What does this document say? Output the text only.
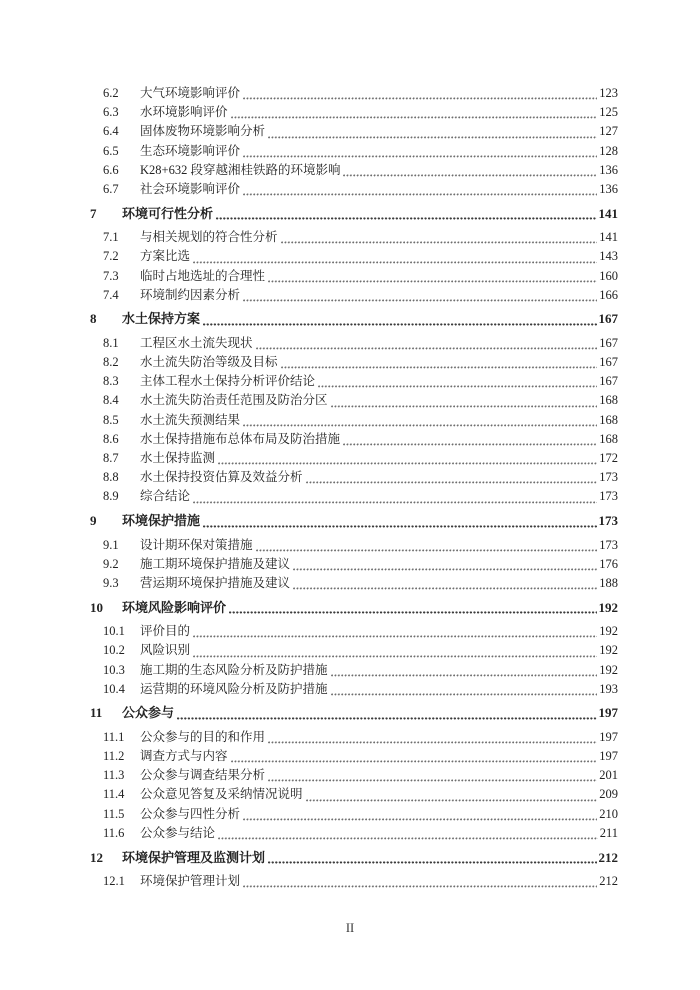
6.2	大气环境影响评价	123
6.3	水环境影响评价	125
6.4	固体废物环境影响分析	127
6.5	生态环境影响评价	128
6.6	K28+632 段穿越湘桂铁路的环境影响	136
6.7	社会环境影响评价	136
7	环境可行性分析	141
7.1	与相关规划的符合性分析	141
7.2	方案比选	143
7.3	临时占地选址的合理性	160
7.4	环境制约因素分析	166
8	水土保持方案	167
8.1	工程区水土流失现状	167
8.2	水土流失防治等级及目标	167
8.3	主体工程水土保持分析评价结论	167
8.4	水土流失防治责任范围及防治分区	168
8.5	水土流失预测结果	168
8.6	水土保持措施布总体布局及防治措施	168
8.7	水土保持监测	172
8.8	水土保持投资估算及效益分析	173
8.9	综合结论	173
9	环境保护措施	173
9.1	设计期环保对策措施	173
9.2	施工期环境保护措施及建议	176
9.3	营运期环境保护措施及建议	188
10	环境风险影响评价	192
10.1	评价目的	192
10.2	风险识别	192
10.3	施工期的生态风险分析及防护措施	192
10.4	运营期的环境风险分析及防护措施	193
11	公众参与	197
11.1	公众参与的目的和作用	197
11.2	调查方式与内容	197
11.3	公众参与调查结果分析	201
11.4	公众意见答复及采纳情况说明	209
11.5	公众参与四性分析	210
11.6	公众参与结论	211
12	环境保护管理及监测计划	212
12.1	环境保护管理计划	212
II
